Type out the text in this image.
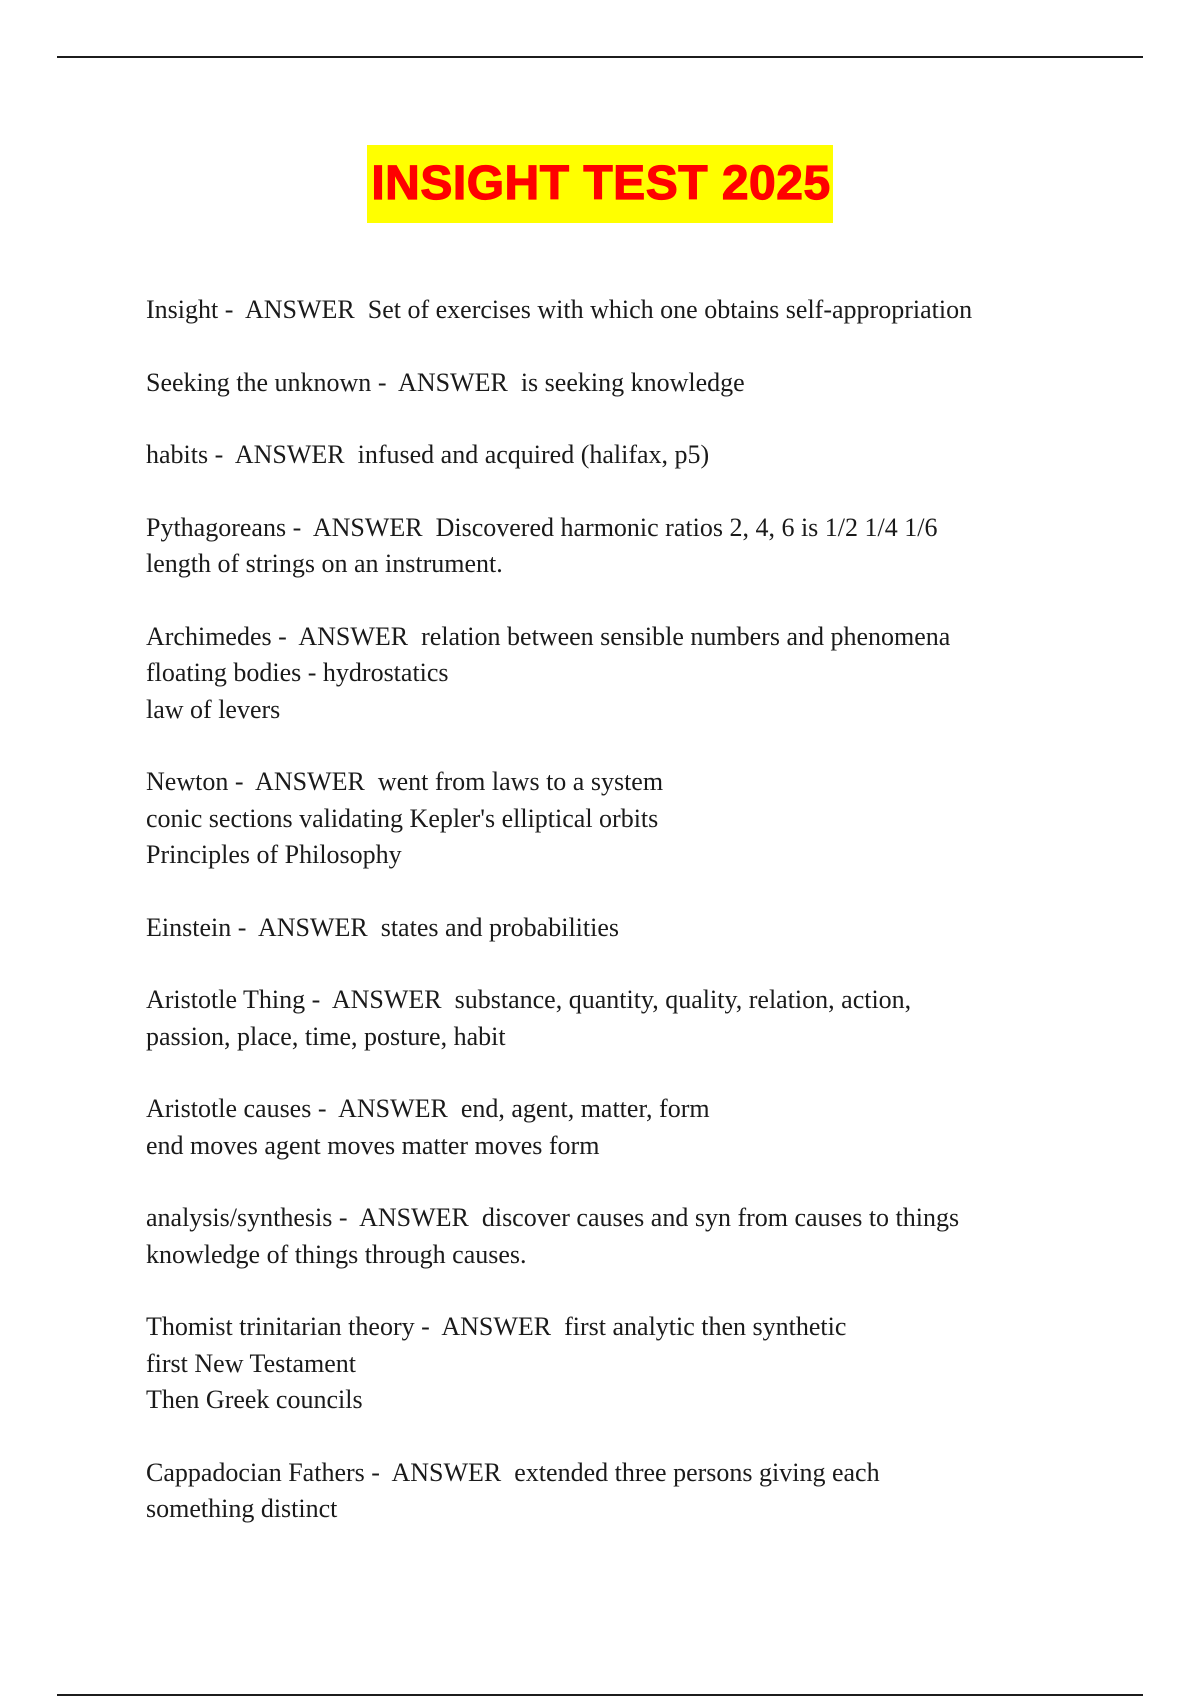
INSIGHT TEST 2025
Insight -  ANSWER  Set of exercises with which one obtains self-appropriation
Seeking the unknown -  ANSWER  is seeking knowledge
habits -  ANSWER  infused and acquired (halifax, p5)
Pythagoreans -  ANSWER  Discovered harmonic ratios 2, 4, 6 is 1/2 1/4 1/6
length of strings on an instrument.
Archimedes -  ANSWER  relation between sensible numbers and phenomena
floating bodies - hydrostatics
law of levers
Newton -  ANSWER  went from laws to a system
conic sections validating Kepler's elliptical orbits
Principles of Philosophy
Einstein -  ANSWER  states and probabilities
Aristotle Thing -  ANSWER  substance, quantity, quality, relation, action,
passion, place, time, posture, habit
Aristotle causes -  ANSWER  end, agent, matter, form
end moves agent moves matter moves form
analysis/synthesis -  ANSWER  discover causes and syn from causes to things
knowledge of things through causes.
Thomist trinitarian theory -  ANSWER  first analytic then synthetic
first New Testament
Then Greek councils
Cappadocian Fathers -  ANSWER  extended three persons giving each
something distinct
